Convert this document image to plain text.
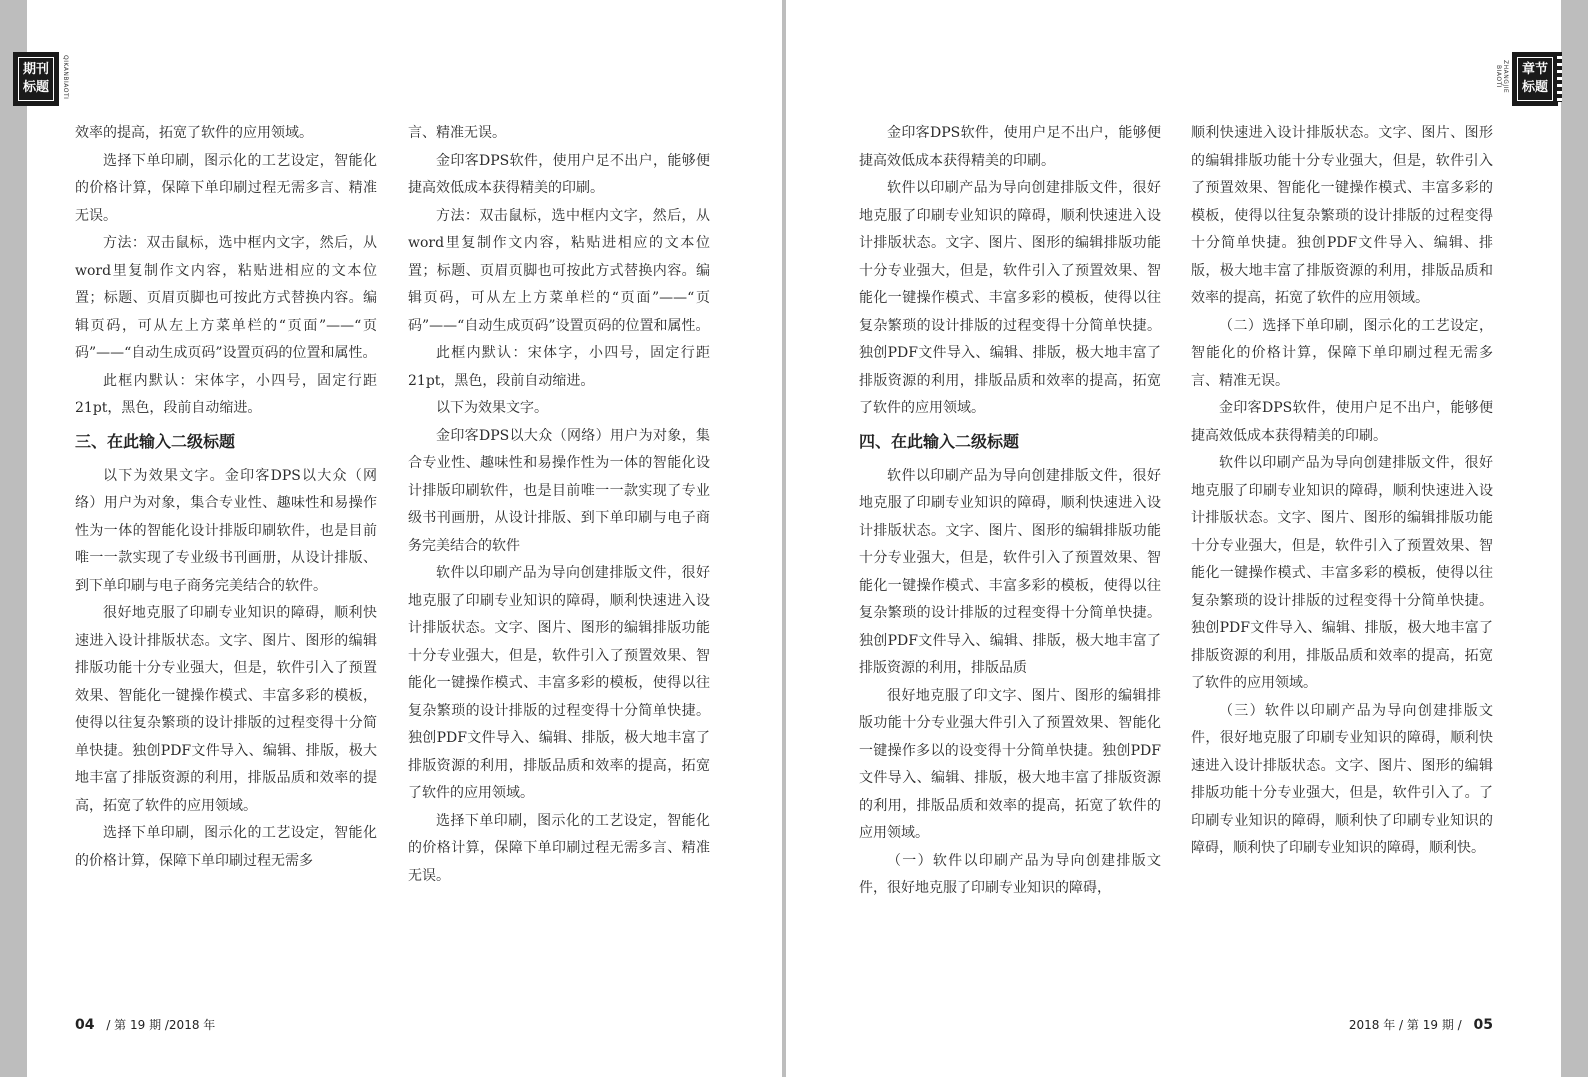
期刊
标题	QIKANBIAOTI

效率的提高，拓宽了软件的应用领域。

选择下单印刷，图示化的工艺设定，智能化的价格计算，保障下单印刷过程无需多言、精准无误。

方法：双击鼠标，选中框内文字，然后，从word里复制作文内容，粘贴进相应的文本位置；标题、页眉页脚也可按此方式替换内容。编辑页码，可从左上方菜单栏的“页面”——“页码”——“自动生成页码”设置页码的位置和属性。

此框内默认：宋体字，小四号，固定行距21pt，黑色，段前自动缩进。

三、在此输入二级标题

以下为效果文字。金印客DPS以大众（网络）用户为对象，集合专业性、趣味性和易操作性为一体的智能化设计排版印刷软件，也是目前唯一一款实现了专业级书刊画册，从设计排版、到下单印刷与电子商务完美结合的软件。

很好地克服了印刷专业知识的障碍，顺利快速进入设计排版状态。文字、图片、图形的编辑排版功能十分专业强大，但是，软件引入了预置效果、智能化一键操作模式、丰富多彩的模板，使得以往复杂繁琐的设计排版的过程变得十分简单快捷。独创PDF文件导入、编辑、排版，极大地丰富了排版资源的利用，排版品质和效率的提高，拓宽了软件的应用领域。

选择下单印刷，图示化的工艺设定，智能化的价格计算，保障下单印刷过程无需多

言、精准无误。

金印客DPS软件，使用户足不出户，能够便捷高效低成本获得精美的印刷。

方法：双击鼠标，选中框内文字，然后，从word里复制作文内容，粘贴进相应的文本位置；标题、页眉页脚也可按此方式替换内容。编辑页码，可从左上方菜单栏的“页面”——“页码”——“自动生成页码”设置页码的位置和属性。

此框内默认：宋体字，小四号，固定行距21pt，黑色，段前自动缩进。

以下为效果文字。

金印客DPS以大众（网络）用户为对象，集合专业性、趣味性和易操作性为一体的智能化设计排版印刷软件，也是目前唯一一款实现了专业级书刊画册，从设计排版、到下单印刷与电子商务完美结合的软件

软件以印刷产品为导向创建排版文件，很好地克服了印刷专业知识的障碍，顺利快速进入设计排版状态。文字、图片、图形的编辑排版功能十分专业强大，但是，软件引入了预置效果、智能化一键操作模式、丰富多彩的模板，使得以往复杂繁琐的设计排版的过程变得十分简单快捷。独创PDF文件导入、编辑、排版，极大地丰富了排版资源的利用，排版品质和效率的提高，拓宽了软件的应用领域。

选择下单印刷，图示化的工艺设定，智能化的价格计算，保障下单印刷过程无需多言、精准无误。

04 / 第 19 期 /2018 年
ZHANGJIE BIAOTI	章节
标题

金印客DPS软件，使用户足不出户，能够便捷高效低成本获得精美的印刷。

软件以印刷产品为导向创建排版文件，很好地克服了印刷专业知识的障碍，顺利快速进入设计排版状态。文字、图片、图形的编辑排版功能十分专业强大，但是，软件引入了预置效果、智能化一键操作模式、丰富多彩的模板，使得以往复杂繁琐的设计排版的过程变得十分简单快捷。独创PDF文件导入、编辑、排版，极大地丰富了排版资源的利用，排版品质和效率的提高，拓宽了软件的应用领域。

四、在此输入二级标题

软件以印刷产品为导向创建排版文件，很好地克服了印刷专业知识的障碍，顺利快速进入设计排版状态。文字、图片、图形的编辑排版功能十分专业强大，但是，软件引入了预置效果、智能化一键操作模式、丰富多彩的模板，使得以往复杂繁琐的设计排版的过程变得十分简单快捷。独创PDF文件导入、编辑、排版，极大地丰富了排版资源的利用，排版品质

很好地克服了印文字、图片、图形的编辑排版功能十分专业强大件引入了预置效果、智能化一键操作多以的设变得十分简单快捷。独创PDF文件导入、编辑、排版，极大地丰富了排版资源的利用，排版品质和效率的提高，拓宽了软件的应用领域。

（一）软件以印刷产品为导向创建排版文件，很好地克服了印刷专业知识的障碍，

顺利快速进入设计排版状态。文字、图片、图形的编辑排版功能十分专业强大，但是，软件引入了预置效果、智能化一键操作模式、丰富多彩的模板，使得以往复杂繁琐的设计排版的过程变得十分简单快捷。独创PDF文件导入、编辑、排版，极大地丰富了排版资源的利用，排版品质和效率的提高，拓宽了软件的应用领域。

（二）选择下单印刷，图示化的工艺设定，智能化的价格计算，保障下单印刷过程无需多言、精准无误。

金印客DPS软件，使用户足不出户，能够便捷高效低成本获得精美的印刷。

软件以印刷产品为导向创建排版文件，很好地克服了印刷专业知识的障碍，顺利快速进入设计排版状态。文字、图片、图形的编辑排版功能十分专业强大，但是，软件引入了预置效果、智能化一键操作模式、丰富多彩的模板，使得以往复杂繁琐的设计排版的过程变得十分简单快捷。独创PDF文件导入、编辑、排版，极大地丰富了排版资源的利用，排版品质和效率的提高，拓宽了软件的应用领域。

（三）软件以印刷产品为导向创建排版文件，很好地克服了印刷专业知识的障碍，顺利快速进入设计排版状态。文字、图片、图形的编辑排版功能十分专业强大，但是，软件引入了。了印刷专业知识的障碍，顺利快了印刷专业知识的障碍，顺利快了印刷专业知识的障碍，顺利快。

2018 年 / 第 19 期 / 05
